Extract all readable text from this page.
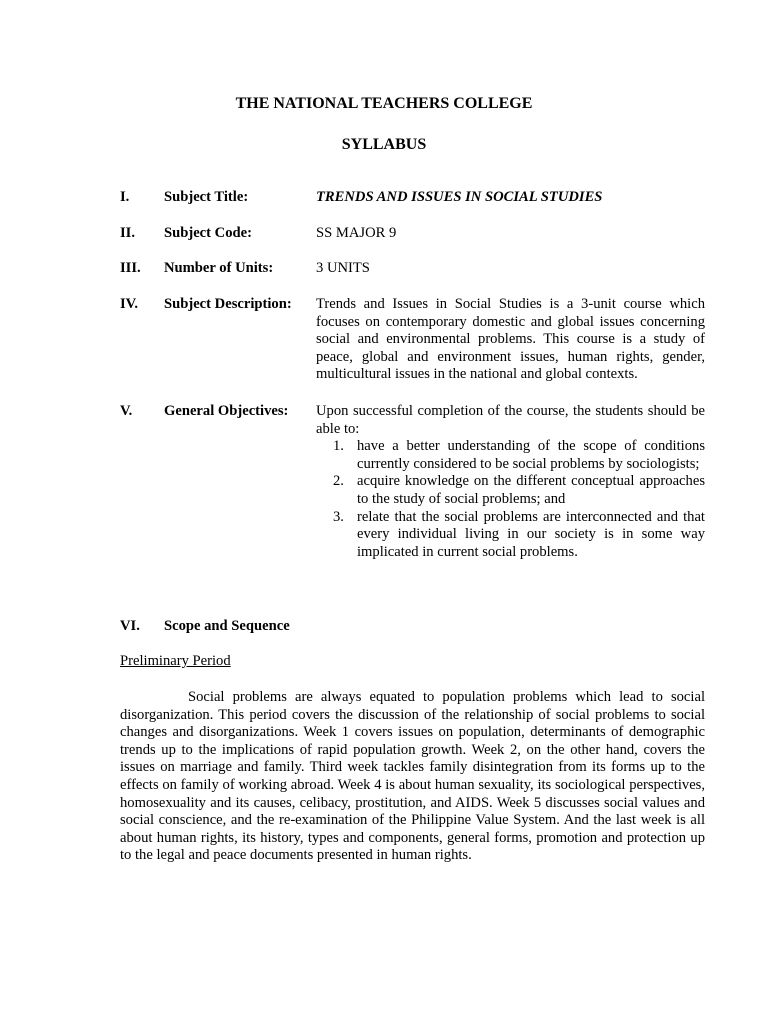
THE NATIONAL TEACHERS COLLEGE
SYLLABUS
I. Subject Title:	TRENDS AND ISSUES IN SOCIAL STUDIES
II. Subject Code:	SS MAJOR 9
III. Number of Units:	3 UNITS
IV. Subject Description: Trends and Issues in Social Studies is a 3-unit course which focuses on contemporary domestic and global issues concerning social and environmental problems. This course is a study of peace, global and environment issues, human rights, gender, multicultural issues in the national and global contexts.
V. General Objectives: Upon successful completion of the course, the students should be able to:
1. have a better understanding of the scope of conditions currently considered to be social problems by sociologists;
2. acquire knowledge on the different conceptual approaches to the study of social problems; and
3. relate that the social problems are interconnected and that every individual living in our society is in some way implicated in current social problems.
VI. Scope and Sequence
Preliminary Period

Social problems are always equated to population problems which lead to social disorganization. This period covers the discussion of the relationship of social problems to social changes and disorganizations. Week 1 covers issues on population, determinants of demographic trends up to the implications of rapid population growth. Week 2, on the other hand, covers the issues on marriage and family. Third week tackles family disintegration from its forms up to the effects on family of working abroad. Week 4 is about human sexuality, its sociological perspectives, homosexuality and its causes, celibacy, prostitution, and AIDS. Week 5 discusses social values and social conscience, and the re-examination of the Philippine Value System. And the last week is all about human rights, its history, types and components, general forms, promotion and protection up to the legal and peace documents presented in human rights.
